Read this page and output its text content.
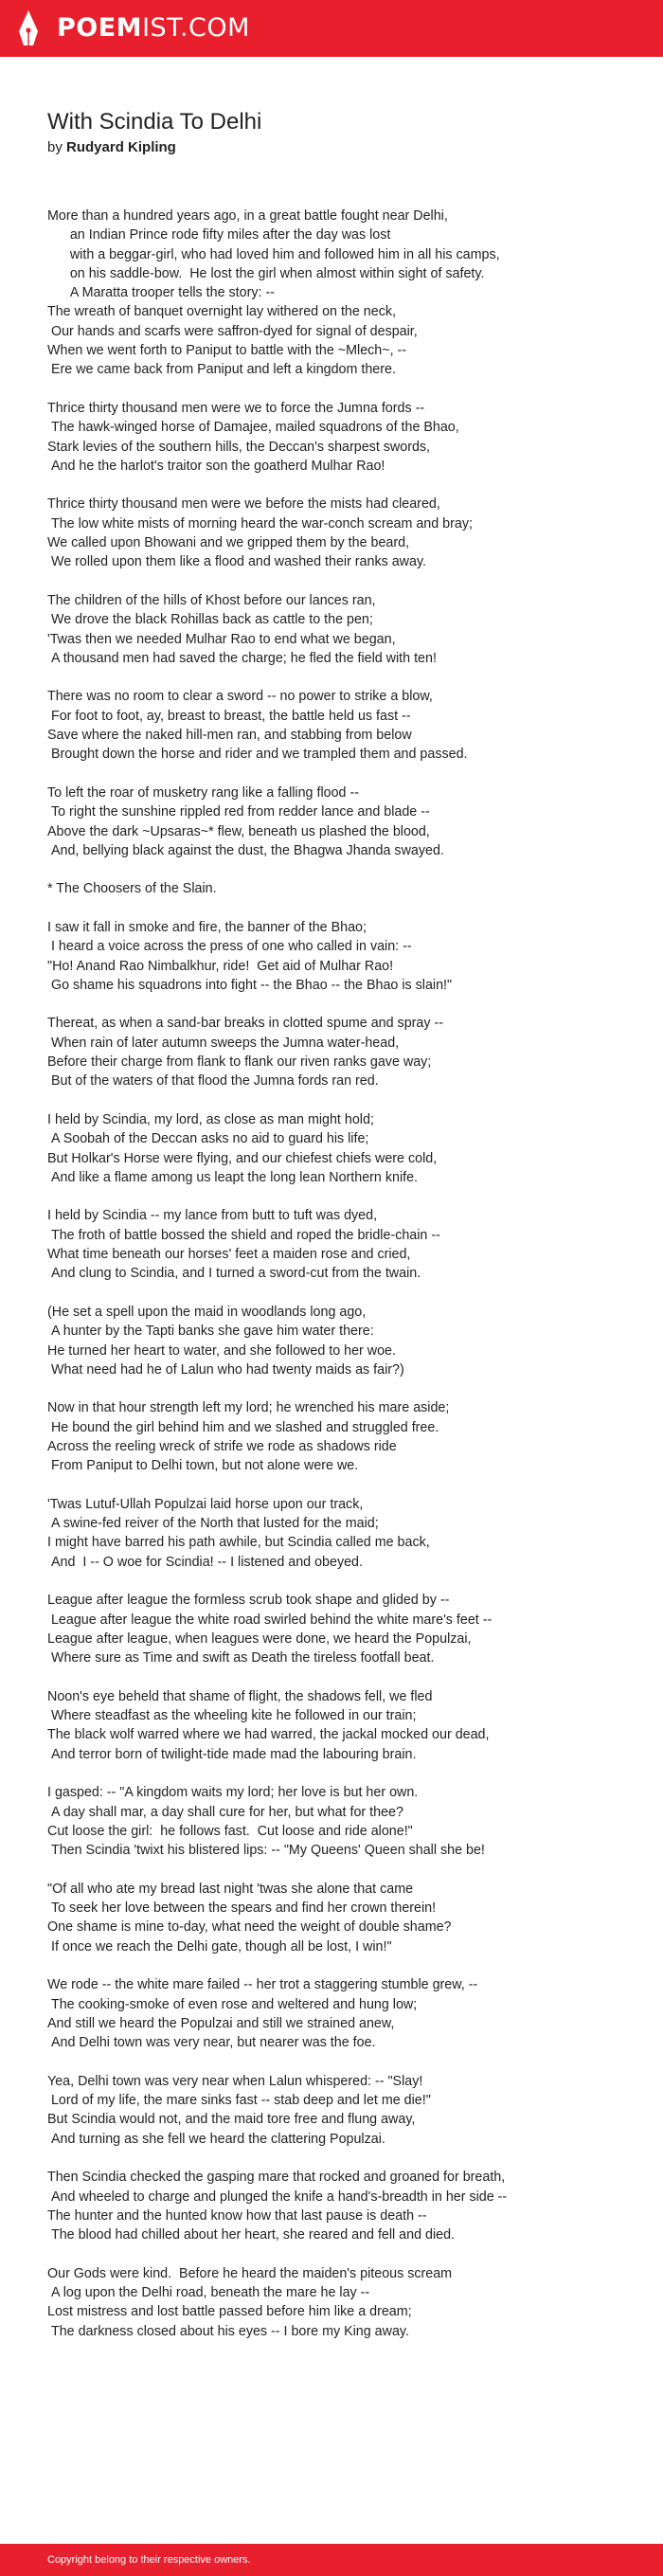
POEMIST.COM
With Scindia To Delhi
by Rudyard Kipling
More than a hundred years ago, in a great battle fought near Delhi,
an Indian Prince rode fifty miles after the day was lost
with a beggar-girl, who had loved him and followed him in all his camps,
on his saddle-bow.  He lost the girl when almost within sight of safety.
A Maratta trooper tells the story: --
The wreath of banquet overnight lay withered on the neck,
Our hands and scarfs were saffron-dyed for signal of despair,
When we went forth to Paniput to battle with the ~Mlech~, --
Ere we came back from Paniput and left a kingdom there.

Thrice thirty thousand men were we to force the Jumna fords --
The hawk-winged horse of Damajee, mailed squadrons of the Bhao,
Stark levies of the southern hills, the Deccan's sharpest swords,
And he the harlot's traitor son the goatherd Mulhar Rao!

Thrice thirty thousand men were we before the mists had cleared,
The low white mists of morning heard the war-conch scream and bray;
We called upon Bhowani and we gripped them by the beard,
We rolled upon them like a flood and washed their ranks away.

The children of the hills of Khost before our lances ran,
We drove the black Rohillas back as cattle to the pen;
'Twas then we needed Mulhar Rao to end what we began,
A thousand men had saved the charge; he fled the field with ten!

There was no room to clear a sword -- no power to strike a blow,
For foot to foot, ay, breast to breast, the battle held us fast --
Save where the naked hill-men ran, and stabbing from below
Brought down the horse and rider and we trampled them and passed.

To left the roar of musketry rang like a falling flood --
To right the sunshine rippled red from redder lance and blade --
Above the dark ~Upsaras~* flew, beneath us plashed the blood,
And, bellying black against the dust, the Bhagwa Jhanda swayed.

* The Choosers of the Slain.

I saw it fall in smoke and fire, the banner of the Bhao;
I heard a voice across the press of one who called in vain: --
"Ho! Anand Rao Nimbalkhur, ride!  Get aid of Mulhar Rao!
Go shame his squadrons into fight -- the Bhao -- the Bhao is slain!"

Thereat, as when a sand-bar breaks in clotted spume and spray --
When rain of later autumn sweeps the Jumna water-head,
Before their charge from flank to flank our riven ranks gave way;
But of the waters of that flood the Jumna fords ran red.

I held by Scindia, my lord, as close as man might hold;
A Soobah of the Deccan asks no aid to guard his life;
But Holkar's Horse were flying, and our chiefest chiefs were cold,
And like a flame among us leapt the long lean Northern knife.

I held by Scindia -- my lance from butt to tuft was dyed,
The froth of battle bossed the shield and roped the bridle-chain --
What time beneath our horses' feet a maiden rose and cried,
And clung to Scindia, and I turned a sword-cut from the twain.

(He set a spell upon the maid in woodlands long ago,
A hunter by the Tapti banks she gave him water there:
He turned her heart to water, and she followed to her woe.
What need had he of Lalun who had twenty maids as fair?)

Now in that hour strength left my lord; he wrenched his mare aside;
He bound the girl behind him and we slashed and struggled free.
Across the reeling wreck of strife we rode as shadows ride
From Paniput to Delhi town, but not alone were we.

'Twas Lutuf-Ullah Populzai laid horse upon our track,
A swine-fed reiver of the North that lusted for the maid;
I might have barred his path awhile, but Scindia called me back,
And  I -- O woe for Scindia! -- I listened and obeyed.

League after league the formless scrub took shape and glided by --
League after league the white road swirled behind the white mare's feet --
League after league, when leagues were done, we heard the Populzai,
Where sure as Time and swift as Death the tireless footfall beat.

Noon's eye beheld that shame of flight, the shadows fell, we fled
Where steadfast as the wheeling kite he followed in our train;
The black wolf warred where we had warred, the jackal mocked our dead,
And terror born of twilight-tide made mad the labouring brain.

I gasped: -- "A kingdom waits my lord; her love is but her own.
A day shall mar, a day shall cure for her, but what for thee?
Cut loose the girl:  he follows fast.  Cut loose and ride alone!"
Then Scindia 'twixt his blistered lips: -- "My Queens' Queen shall she be!

"Of all who ate my bread last night 'twas she alone that came
To seek her love between the spears and find her crown therein!
One shame is mine to-day, what need the weight of double shame?
If once we reach the Delhi gate, though all be lost, I win!"

We rode -- the white mare failed -- her trot a staggering stumble grew, --
The cooking-smoke of even rose and weltered and hung low;
And still we heard the Populzai and still we strained anew,
And Delhi town was very near, but nearer was the foe.

Yea, Delhi town was very near when Lalun whispered: -- "Slay!
Lord of my life, the mare sinks fast -- stab deep and let me die!"
But Scindia would not, and the maid tore free and flung away,
And turning as she fell we heard the clattering Populzai.

Then Scindia checked the gasping mare that rocked and groaned for breath,
And wheeled to charge and plunged the knife a hand's-breadth in her side --
The hunter and the hunted know how that last pause is death --
The blood had chilled about her heart, she reared and fell and died.

Our Gods were kind.  Before he heard the maiden's piteous scream
A log upon the Delhi road, beneath the mare he lay --
Lost mistress and lost battle passed before him like a dream;
The darkness closed about his eyes -- I bore my King away.
Copyright belong to their respective owners.
